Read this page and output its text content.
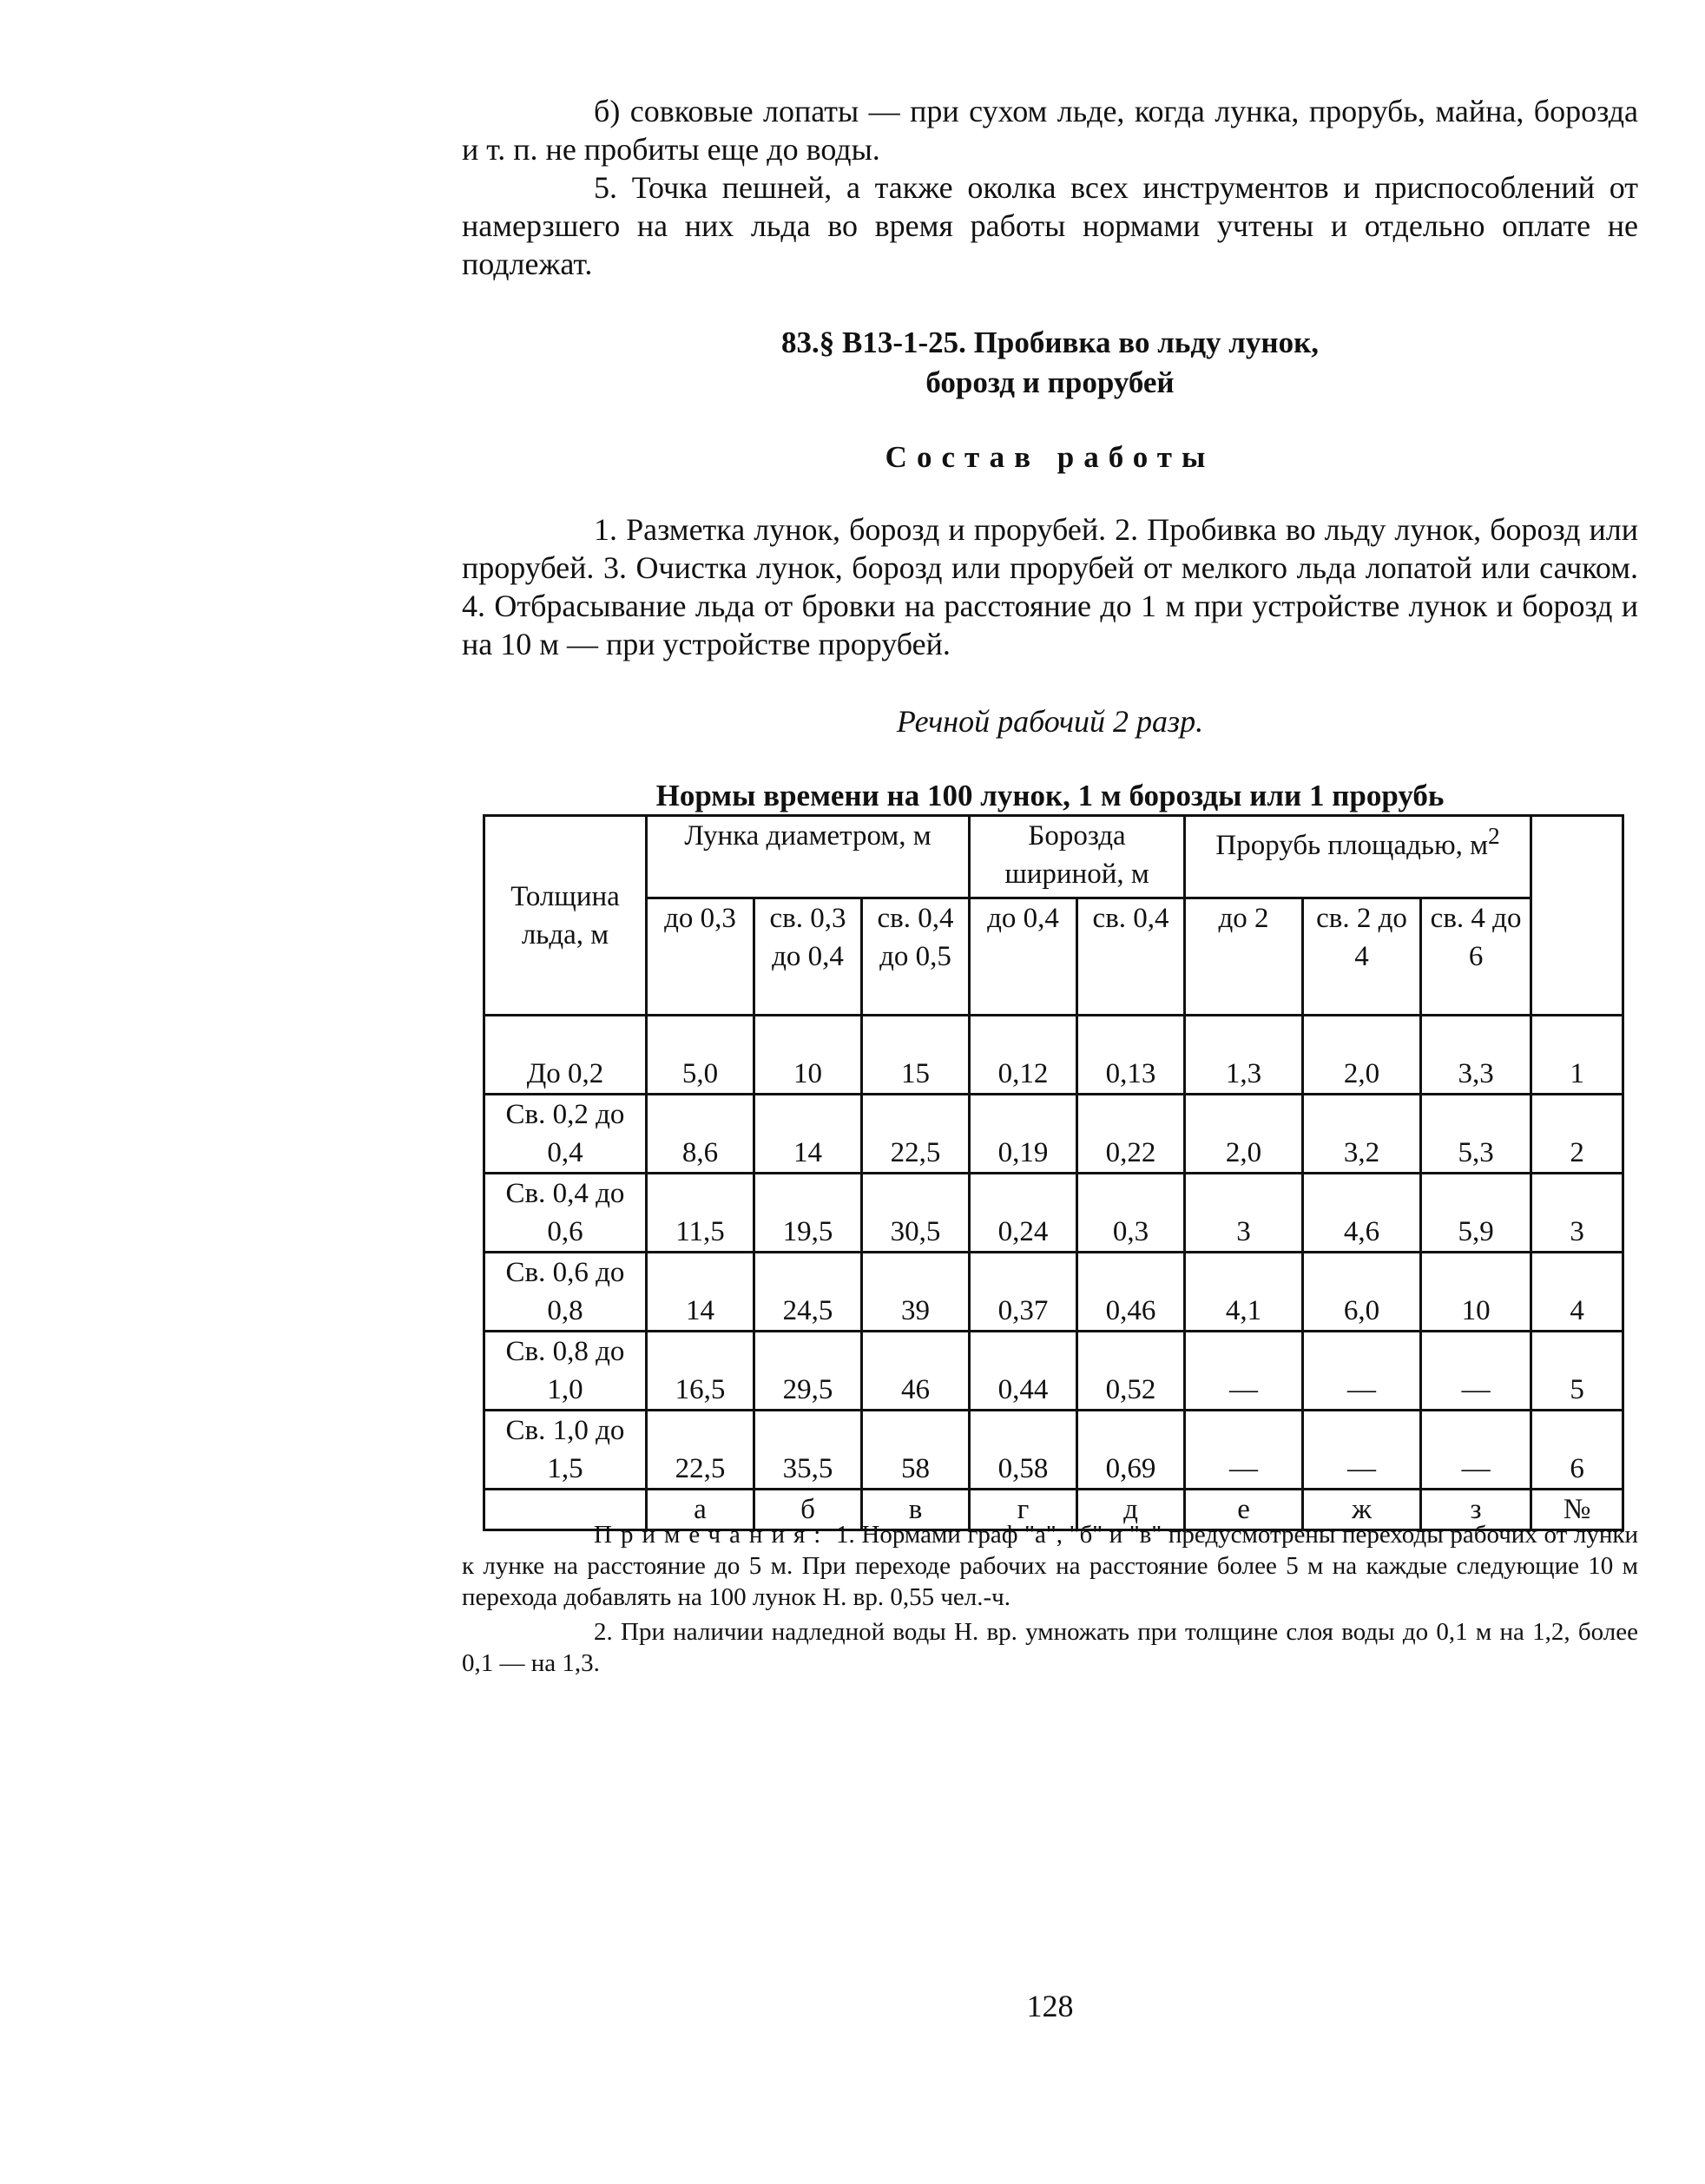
б) совковые лопаты — при сухом льде, когда лунка, прорубь, майна, борозда и т. п. не пробиты еще до воды.

5. Точка пешней, а также околка всех инструментов и приспособлений от намерзшего на них льда во время работы нормами учтены и отдельно оплате не подлежат.

83.§ В13-1-25. Пробивка во льду лунок,
борозд и прорубей
Состав работы

1. Разметка лунок, борозд и прорубей. 2. Пробивка во льду лунок, борозд или прорубей. 3. Очистка лунок, борозд или прорубей от мелкого льда лопатой или сачком. 4. Отбрасывание льда от бровки на расстояние до 1 м при устройстве лунок и борозд и на 10 м — при устройстве прорубей.

Речной рабочий 2 разр.
Нормы времени на 100 лунок, 1 м борозды или 1 прорубь
Толщина льда, м	Лунка диаметром, м			Борозда шириной, м		Прорубь площадью, $м^2$	
	до 0,3	св. 0,3 до 0,4	св. 0,4 до 0,5	до 0,4	св. 0,4	до 2	св. 2 до 4	св. 4 до 6	
До 0,2	5,0	10	15	0,12	0,13	1,3	2,0	3,3	1
Св. 0,2 до 0,4	8,6	14	22,5	0,19	0,22	2,0	3,2	5,3	2
Св. 0,4 до 0,6	11,5	19,5	30,5	0,24	0,3	3	4,6	5,9	3
Св. 0,6 до 0,8	14	24,5	39	0,37	0,46	4,1	6,0	10	4
Св. 0,8 до 1,0	16,5	29,5	46	0,44	0,52	—	—	—	5
Св. 1,0 до 1,5	22,5	35,5	58	0,58	0,69	—	—	—	6
	а	б	в	г	д	е	ж	з	№

Примечания: 1. Нормами граф "а", "б" и "в" предусмотрены переходы рабочих от лунки к лунке на расстояние до 5 м. При переходе рабочих на расстояние более 5 м на каждые следующие 10 м перехода добавлять на 100 лунок Н. вр. 0,55 чел.-ч.

2. При наличии надледной воды Н. вр. умножать при толщине слоя воды до 0,1 м на 1,2, более 0,1 — на 1,3.

128
